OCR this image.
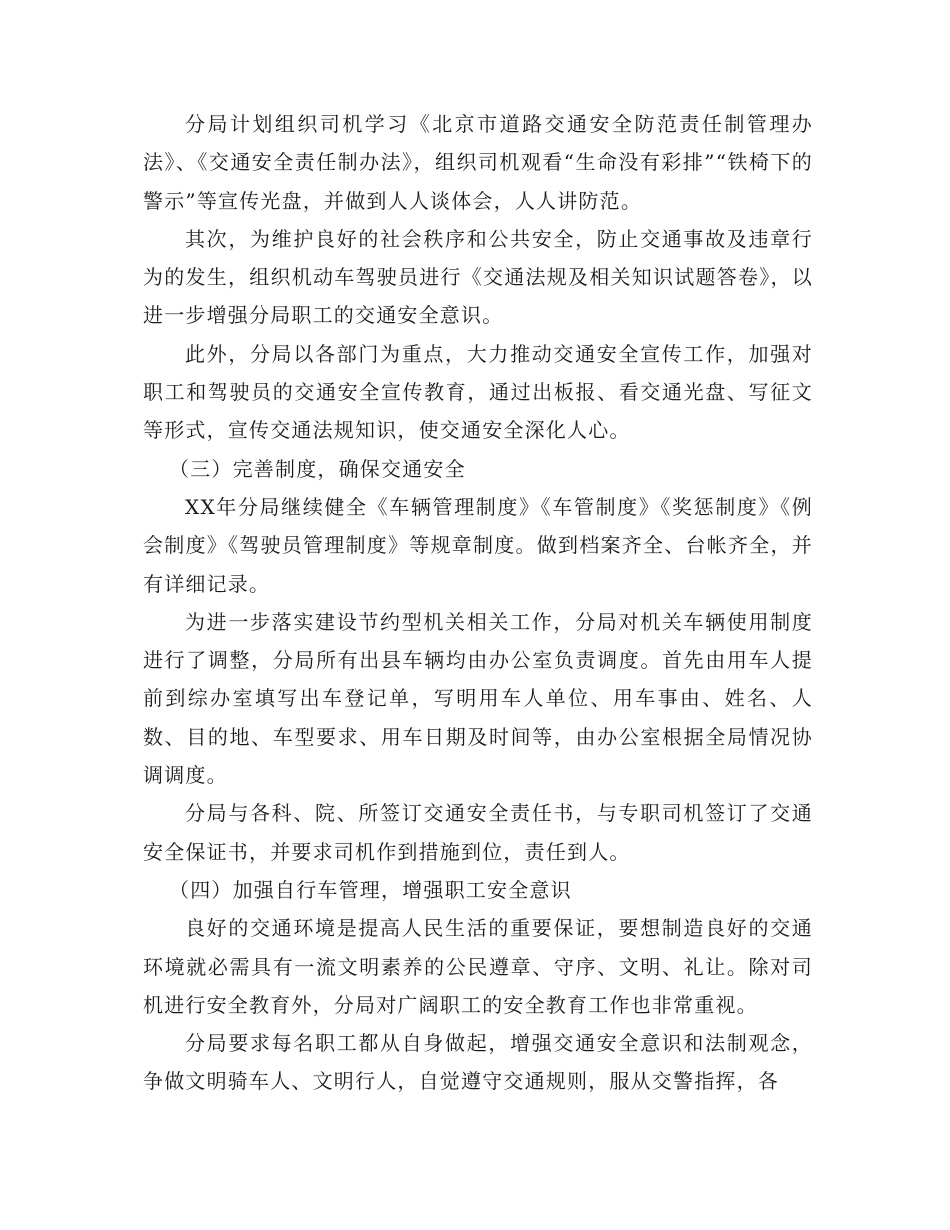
分局计划组织司机学习《北京市道路交通安全防范责任制管理办法》、《交通安全责任制办法》，组织司机观看“生命没有彩排”“铁椅下的警示”等宣传光盘，并做到人人谈体会，人人讲防范。

其次，为维护良好的社会秩序和公共安全，防止交通事故及违章行为的发生，组织机动车驾驶员进行《交通法规及相关知识试题答卷》，以进一步增强分局职工的交通安全意识。

此外，分局以各部门为重点，大力推动交通安全宣传工作，加强对职工和驾驶员的交通安全宣传教育，通过出板报、看交通光盘、写征文等形式，宣传交通法规知识，使交通安全深化人心。

（三）完善制度，确保交通安全

XX年分局继续健全《车辆管理制度》《车管制度》《奖惩制度》《例会制度》《驾驶员管理制度》等规章制度。做到档案齐全、台帐齐全，并有详细记录。

为进一步落实建设节约型机关相关工作，分局对机关车辆使用制度进行了调整，分局所有出县车辆均由办公室负责调度。首先由用车人提前到综办室填写出车登记单，写明用车人单位、用车事由、姓名、人数、目的地、车型要求、用车日期及时间等，由办公室根据全局情况协调调度。

分局与各科、院、所签订交通安全责任书，与专职司机签订了交通安全保证书，并要求司机作到措施到位，责任到人。

（四）加强自行车管理，增强职工安全意识

良好的交通环境是提高人民生活的重要保证，要想制造良好的交通环境就必需具有一流文明素养的公民遵章、守序、文明、礼让。除对司机进行安全教育外，分局对广阔职工的安全教育工作也非常重视。

分局要求每名职工都从自身做起，增强交通安全意识和法制观念，争做文明骑车人、文明行人，自觉遵守交通规则，服从交警指挥，各
